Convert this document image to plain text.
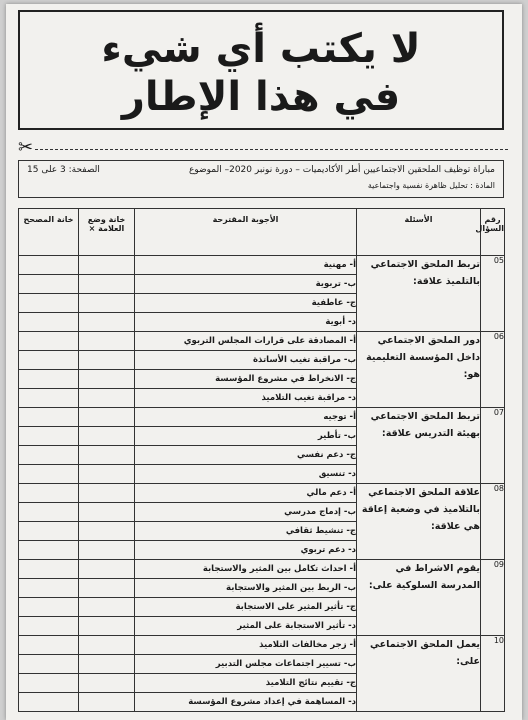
لا يكتب أي شيء
في هذا الإطار
✂
مباراة توظيف الملحقين الاجتماعيين أطر الأكاديميات – دورة نونبر 2020– الموضوع
الصفحة: 3 على 15
المادة : تحليل ظاهرة نفسية واجتماعية
رقم السؤال	الأسئلة	الأجوبة المقترحة	خانة وضع العلامة ×	خانة المصحح
05	تربط الملحق الاجتماعي بالتلميذ علاقة:	أ- مهنية		
		ب- تربوية		
		ج- عاطفية		
		د- أبوية		
06	دور الملحق الاجتماعي داخل المؤسسة التعليمية هو:	أ- المصادقة على قرارات المجلس التربوي		
		ب- مراقبة تغيب الأساتذة		
		ج- الانخراط في مشروع المؤسسة		
		د- مراقبة تغيب التلاميذ		
07	تربط الملحق الاجتماعي بهيئة التدريس علاقة:	أ- توجيه		
		ب- تأطير		
		ج- دعم نفسي		
		د- تنسيق		
08	علاقة الملحق الاجتماعي بالتلاميذ في وضعية إعاقة هي علاقة:	أ- دعم مالي		
		ب- إدماج مدرسي		
		ج- تنشيط ثقافي		
		د- دعم تربوي		
09	يقوم الاشراط في المدرسة السلوكية على:	أ- احداث تكامل بين المثير والاستجابة		
		ب- الربط بين المثير والاستجابة		
		ج- تأثير المثير على الاستجابة		
		د- تأثير الاستجابة على المثير		
10	يعمل الملحق الاجتماعي على:	أ- زجر مخالفات التلاميذ		
		ب- تسيير اجتماعات مجلس التدبير		
		ج- تقييم نتائج التلاميذ		
		د- المساهمة في إعداد مشروع المؤسسة		
